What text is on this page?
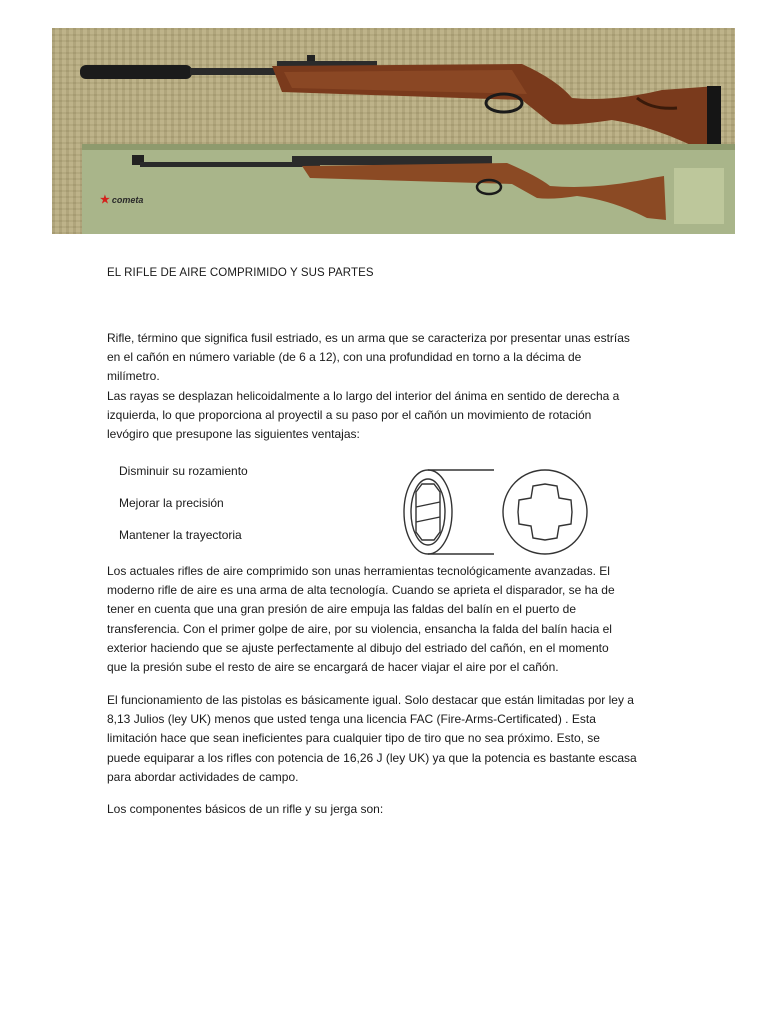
★ cometa
EL RIFLE DE AIRE COMPRIMIDO Y SUS PARTES

Rifle, término que significa fusil estriado, es un arma que se caracteriza por presentar unas estrías
en el cañón en número variable (de 6 a 12), con una profundidad en torno a la décima de
milímetro.
Las rayas se desplazan helicoidalmente a lo largo del interior del ánima en sentido de derecha a
izquierda, lo que proporciona al proyectil a su paso por el cañón un movimiento de rotación
levógiro que presupone las siguientes ventajas:

Disminuir su rozamiento
Mejorar la precisión
Mantener la trayectoria

Los actuales rifles de aire comprimido son unas herramientas tecnológicamente avanzadas. El
moderno rifle de aire es una arma de alta tecnología. Cuando se aprieta el disparador, se ha de
tener en cuenta que una gran presión de aire empuja las faldas del balín en el puerto de
transferencia. Con el primer golpe de aire, por su violencia, ensancha la falda del balín hacia el
exterior haciendo que se ajuste perfectamente al dibujo del estriado del cañón, en el momento
que la presión sube el resto de aire se encargará de hacer viajar el aire por el cañón.

El funcionamiento de las pistolas es básicamente igual. Solo destacar que están limitadas por ley a
8,13 Julios (ley UK) menos que usted tenga una licencia FAC (Fire-Arms-Certificated) . Esta
limitación hace que sean ineficientes para cualquier tipo de tiro que no sea próximo. Esto, se
puede equiparar a los rifles con potencia de 16,26 J (ley UK) ya que la potencia es bastante escasa
para abordar actividades de campo.

Los componentes básicos de un rifle y su jerga son:
